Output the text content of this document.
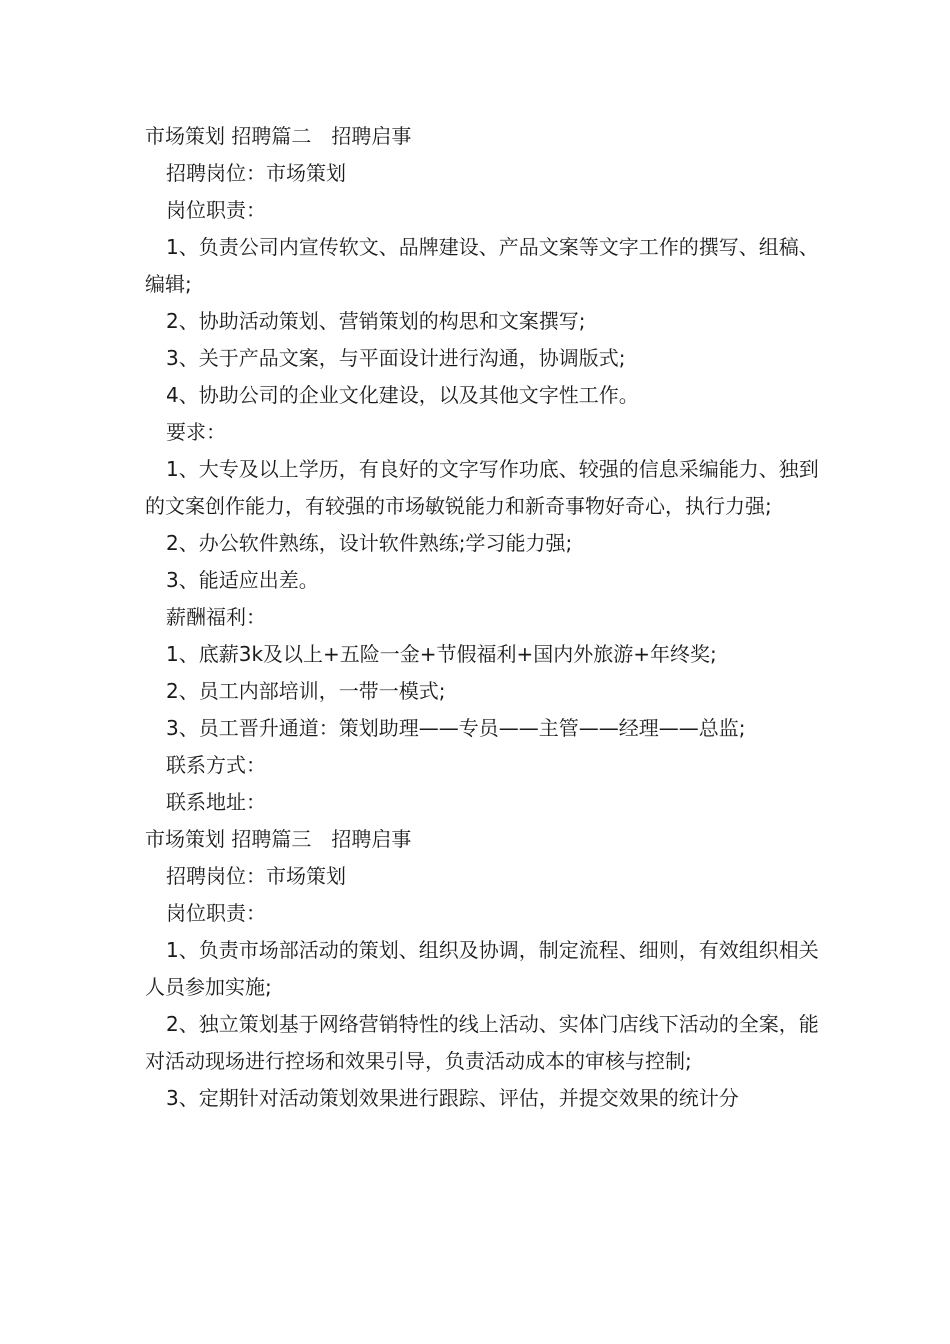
市场策划 招聘篇二 招聘启事

招聘岗位：市场策划

岗位职责：

1、负责公司内宣传软文、品牌建设、产品文案等文字工作的撰写、组稿、编辑;

2、协助活动策划、营销策划的构思和文案撰写;

3、关于产品文案，与平面设计进行沟通，协调版式;

4、协助公司的企业文化建设，以及其他文字性工作。

要求：

1、大专及以上学历，有良好的文字写作功底、较强的信息采编能力、独到的文案创作能力，有较强的市场敏锐能力和新奇事物好奇心，执行力强;

2、办公软件熟练，设计软件熟练;学习能力强;

3、能适应出差。

薪酬福利：

1、底薪3k及以上+五险一金+节假福利+国内外旅游+年终奖;

2、员工内部培训，一带一模式;

3、员工晋升通道：策划助理——专员——主管——经理——总监;

联系方式：

联系地址：

市场策划 招聘篇三 招聘启事

招聘岗位：市场策划

岗位职责：

1、负责市场部活动的策划、组织及协调，制定流程、细则，有效组织相关人员参加实施;

2、独立策划基于网络营销特性的线上活动、实体门店线下活动的全案，能对活动现场进行控场和效果引导，负责活动成本的审核与控制;

3、定期针对活动策划效果进行跟踪、评估，并提交效果的统计分
